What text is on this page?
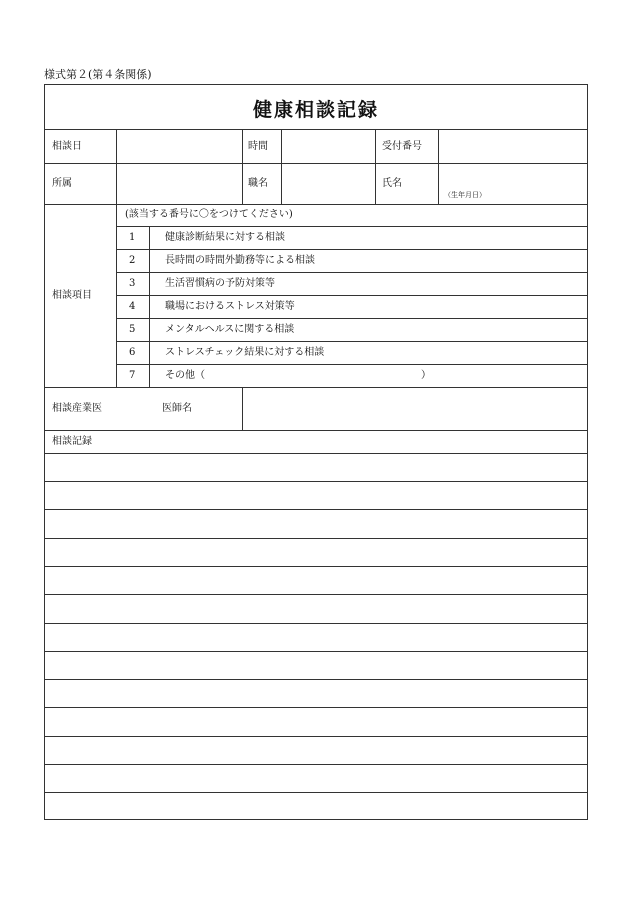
様式第２(第４条関係)
健康相談記録
相談日	時間	受付番号
所属	職名	氏名
（生年月日）
相談項目
(該当する番号に〇をつけてください)
1	健康診断結果に対する相談
2	長時間の時間外勤務等による相談
3	生活習慣病の予防対策等
4	職場におけるストレス対策等
5	メンタルヘルスに関する相談
6	ストレスチェック結果に対する相談
7	その他（	）
相談産業医	医師名
相談記録
